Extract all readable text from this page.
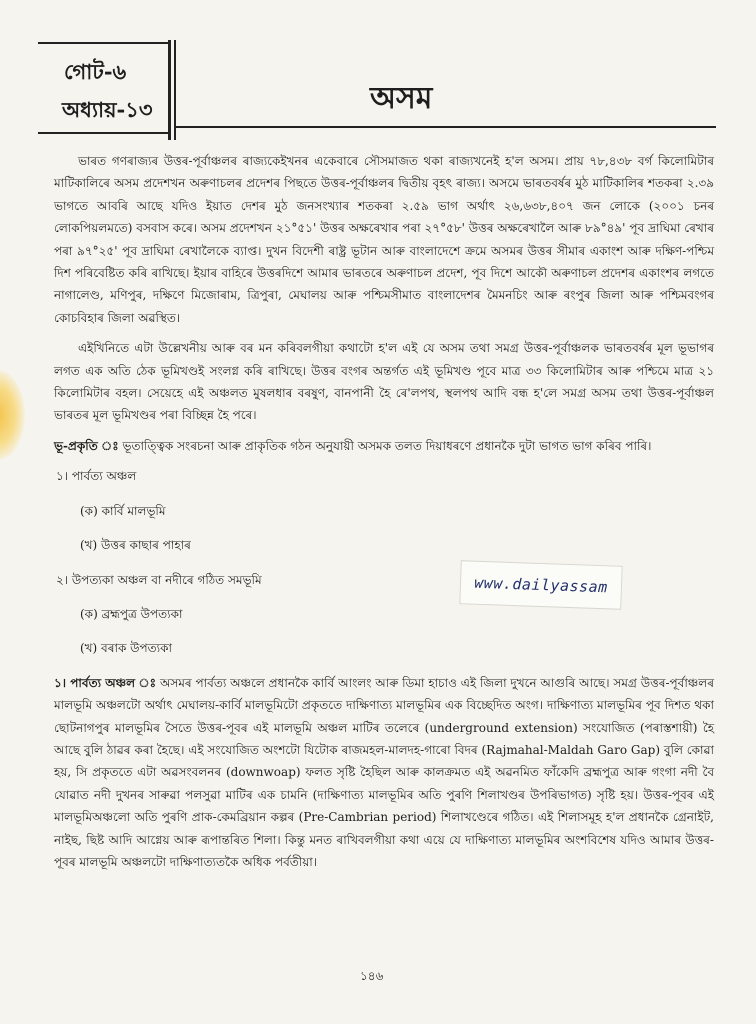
গোট-৬
অধ্যায়-১৩	অসম

ভাৰত গণৰাজ্যৰ উত্তৰ-পূৰ্বাঞ্চলৰ ৰাজ্যকেইখনৰ একেবাৰে সৌসমাজত থকা ৰাজ্যখনেই হ'ল অসম। প্ৰায় ৭৮,৪৩৮ বৰ্গ কিলোমিটাৰ মাটিকালিৰে অসম প্ৰদেশখন অৰুণাচলৰ প্ৰদেশৰ পিছতে উত্তৰ-পূৰ্বাঞ্চলৰ দ্বিতীয় বৃহৎ ৰাজ্য। অসমে ভাৰতবৰ্ষৰ মুঠ মাটিকালিৰ শতকৰা ২.৩৯ ভাগতে আবৰি আছে যদিও ইয়াত দেশৰ মুঠ জনসংখ্যাৰ শতকৰা ২.৫৯ ভাগ অৰ্থাৎ ২৬,৬৩৮,৪০৭ জন লোকে (২০০১ চনৰ লোকপিয়লমতে) বসবাস কৰে। অসম প্ৰদেশখন ২১°৫১' উত্তৰ অক্ষৰেখাৰ পৰা ২৭°৫৮' উত্তৰ অক্ষৰেখালৈ আৰু ৮৯°৪৯' পূব দ্ৰাঘিমা ৰেখাৰ পৰা ৯৭°২৫' পূব দ্ৰাঘিমা ৰেখালৈকে ব্যাপ্ত। দুখন বিদেশী ৰাষ্ট্ৰ ভূটান আৰু বাংলাদেশে ক্ৰমে অসমৰ উত্তৰ সীমাৰ একাংশ আৰু দক্ষিণ-পশ্চিম দিশ পৰিবেষ্টিত কৰি ৰাখিছে। ইয়াৰ বাহিৰে উত্তৰদিশে আমাৰ ভাৰতৰে অৰুণাচল প্ৰদেশ, পূব দিশে আকৌ অৰুণাচল প্ৰদেশৰ একাংশৰ লগতে নাগালেণ্ড, মণিপুৰ, দক্ষিণে মিজোৰাম, ত্ৰিপুৰা, মেঘালয় আৰু পশ্চিমসীমাত বাংলাদেশৰ মৈমনচিং আৰু ৰংপুৰ জিলা আৰু পশ্চিমবংগৰ কোচবিহাৰ জিলা অৱস্থিত।

এইখিনিতে এটা উল্লেখনীয় আৰু বৰ মন কৰিবলগীয়া কথাটো হ'ল এই যে অসম তথা সমগ্ৰ উত্তৰ-পূৰ্বাঞ্চলক ভাৰতবৰ্ষৰ মূল ভূভাগৰ লগত এক অতি ঠেক ভূমিখণ্ডই সংলগ্ন কৰি ৰাখিছে। উত্তৰ বংগৰ অন্তৰ্গত এই ভূমিখণ্ড পূবে মাত্ৰ ৩৩ কিলোমিটাৰ আৰু পশ্চিমে মাত্ৰ ২১ কিলোমিটাৰ বহল। সেয়েহে এই অঞ্চলত মুষলধাৰ বৰষুণ, বানপানী হৈ ৰে'লপথ, স্থলপথ আদি বন্ধ হ'লে সমগ্ৰ অসম তথা উত্তৰ-পূৰ্বাঞ্চল ভাৰতৰ মূল ভূমিখণ্ডৰ পৰা বিচ্ছিন্ন হৈ পৰে।

ভূ-প্ৰকৃতি ঃ ভূতাত্ত্বিক সংৰচনা আৰু প্ৰাকৃতিক গঠন অনুযায়ী অসমক তলত দিয়াধৰণে প্ৰধানকৈ দুটা ভাগত ভাগ কৰিব পাৰি।

১। পাৰ্বত্য অঞ্চল
(ক) কাৰ্বি মালভূমি
(খ) উত্তৰ কাছাৰ পাহাৰ
২। উপত্যকা অঞ্চল বা নদীৰে গঠিত সমভূমি
(ক) ব্ৰহ্মপুত্ৰ উপত্যকা
(খ) বৰাক উপত্যকা

১। পাৰ্বত্য অঞ্চল ঃ অসমৰ পাৰ্বত্য অঞ্চলে প্ৰধানকৈ কাৰ্বি আংলং আৰু ডিমা হাচাও এই জিলা দুখনে আগুৰি আছে। সমগ্ৰ উত্তৰ-পূৰ্বাঞ্চলৰ মালভূমি অঞ্চলটো অৰ্থাৎ মেঘালয়-কাৰ্বি মালভূমিটো প্ৰকৃততে দাক্ষিণাত্য মালভূমিৰ এক বিচ্ছেদিত অংগ। দাক্ষিণাত্য মালভূমিৰ পূব দিশত থকা ছোটনাগপুৰ মালভূমিৰ সৈতে উত্তৰ-পূবৰ এই মালভূমি অঞ্চল মাটিৰ তলেৰে (underground extension) সংযোজিত (পৰাস্তশায়ী) হৈ আছে বুলি ঠাৱৰ কৰা হৈছে। এই সংযোজিত অংশটো যিটোক ৰাজমহল-মালদহ-গাৰো বিদৰ (Rajmahal-Maldah Garo Gap) বুলি কোৱা হয়, সি প্ৰকৃততে এটা অৱসংবলনৰ (downwoap) ফলত সৃষ্টি হৈছিল আৰু কালক্ৰমত এই অৱনমিত ফাঁকেদি ব্ৰহ্মপুত্ৰ আৰু গংগা নদী বৈ যোৱাত নদী দুখনৰ সাৰুৱা পলসুৱা মাটিৰ এক চামনি (দাক্ষিণাত্য মালভূমিৰ অতি পুৰণি শিলাখণ্ডৰ উপৰিভাগত) সৃষ্টি হয়। উত্তৰ-পূবৰ এই মালভূমিঅঞ্চলো অতি পুৰণি প্ৰাক-কেমব্ৰিয়ান কল্পৰ (Pre-Cambrian period) শিলাখণ্ডেৰে গঠিত। এই শিলাসমূহ হ'ল প্ৰধানকৈ গ্ৰেনাইট, নাইছ, ছিষ্ট আদি আগ্নেয় আৰু ৰূপান্তৰিত শিলা। কিন্তু মনত ৰাখিবলগীয়া কথা এয়ে যে দাক্ষিণাত্য মালভূমিৰ অংশবিশেষ যদিও আমাৰ উত্তৰ-পূবৰ মালভূমি অঞ্চলটো দাক্ষিণাত্যতকৈ অধিক পৰ্বতীয়া।

www.dailyassam
১৪৬
